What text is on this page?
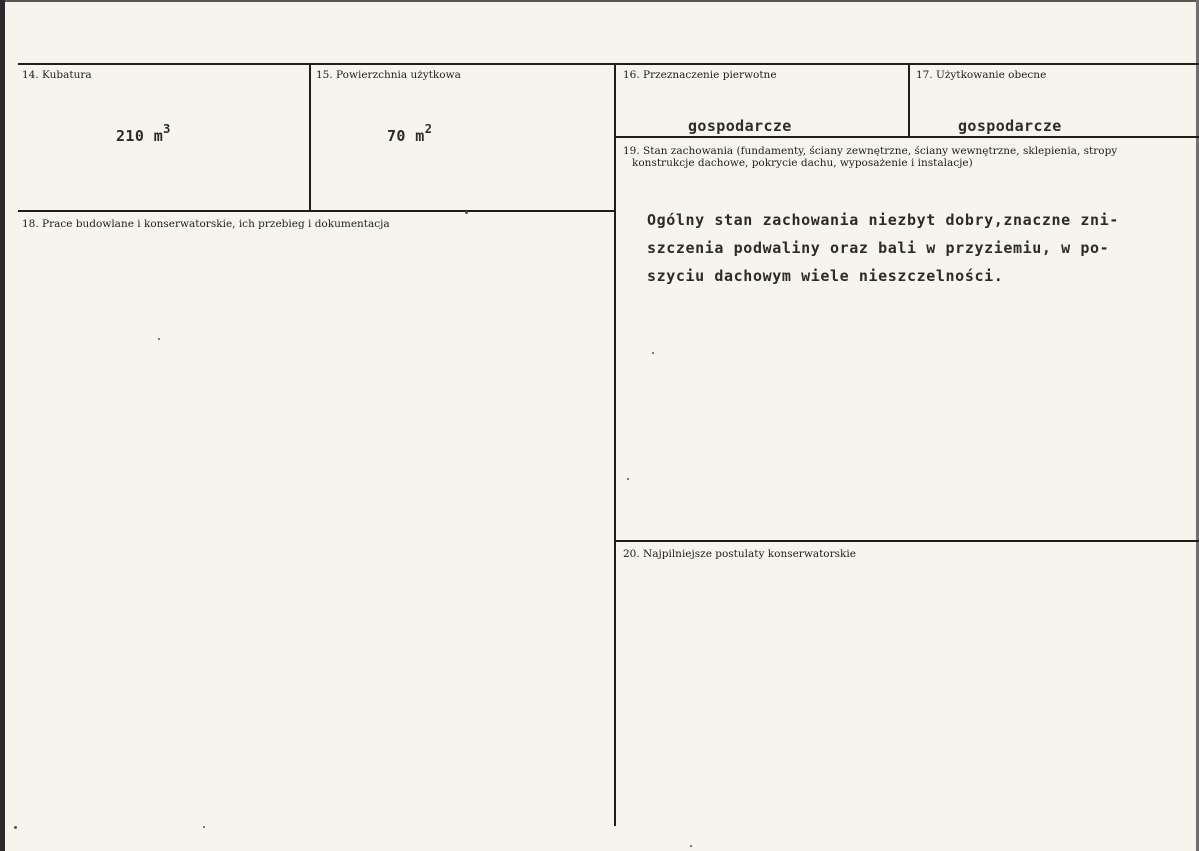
14. Kubatura
210 $m^3$
15. Powierzchnia użytkowa
70 $m^2$
16. Przeznaczenie pierwotne
gospodarcze
17. Użytkowanie obecne
gospodarcze
18. Prace budowlane i konserwatorskie, ich przebieg i dokumentacja
19. Stan zachowania (fundamenty, ściany zewnętrzne, ściany wewnętrzne, sklepienia, stropy
konstrukcje dachowe, pokrycie dachu, wyposażenie i instalacje)
Ogólny stan zachowania niezbyt dobry,znaczne zni-
szczenia podwaliny oraz bali w przyziemiu, w po-
szyciu dachowym wiele nieszczelności.
20. Najpilniejsze postulaty konserwatorskie
